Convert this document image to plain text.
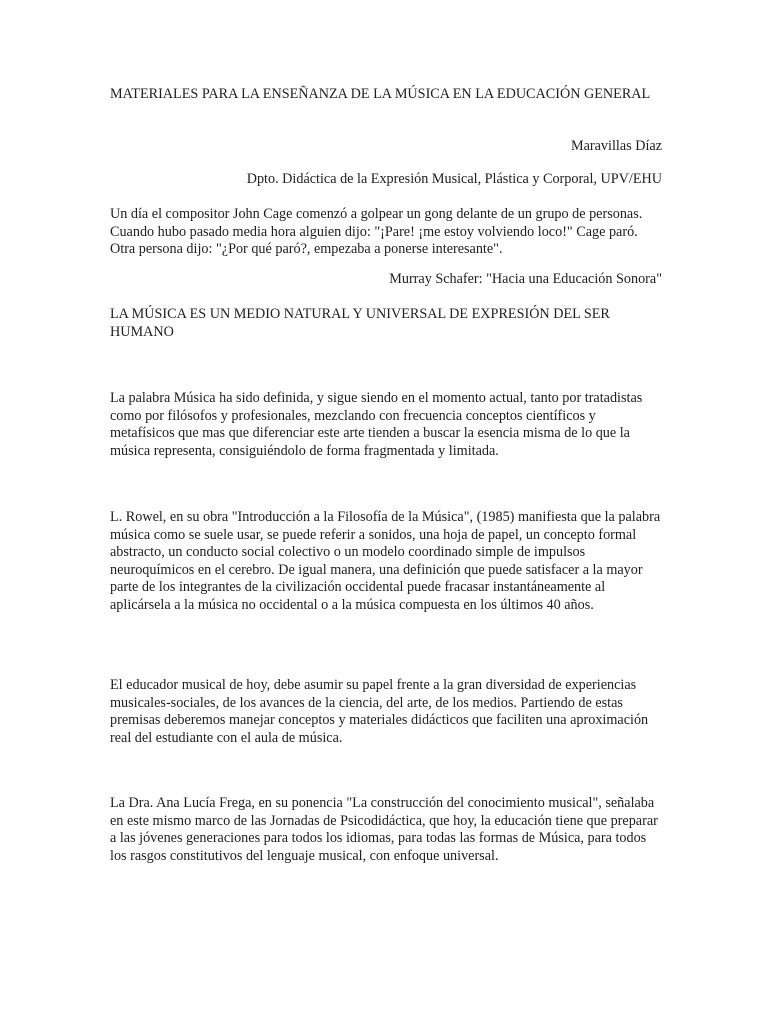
MATERIALES PARA LA ENSEÑANZA DE LA MÚSICA EN LA EDUCACIÓN GENERAL

Maravillas Díaz

Dpto. Didáctica de la Expresión Musical, Plástica y Corporal, UPV/EHU

Un día el compositor John Cage comenzó a golpear un gong delante de un grupo de personas. Cuando hubo pasado media hora alguien dijo: "¡Pare! ¡me estoy volviendo loco!" Cage paró. Otra persona dijo: "¿Por qué paró?, empezaba a ponerse interesante".

Murray Schafer: "Hacia una Educación Sonora"

LA MÚSICA ES UN MEDIO NATURAL Y UNIVERSAL DE EXPRESIÓN DEL SER HUMANO

La palabra Música ha sido definida, y sigue siendo en el momento actual, tanto por tratadistas como por filósofos y profesionales, mezclando con frecuencia conceptos científicos y metafísicos que mas que diferenciar este arte tienden a buscar la esencia misma de lo que la música representa, consiguiéndolo de forma fragmentada y limitada.

L. Rowel, en su obra "Introducción a la Filosofía de la Música", (1985) manifiesta que la palabra música como se suele usar, se puede referir a sonidos, una hoja de papel, un concepto formal abstracto, un conducto social colectivo o un modelo coordinado simple de impulsos neuroquímicos en el cerebro. De igual manera, una definición que puede satisfacer a la mayor parte de los integrantes de la civilización occidental puede fracasar instantáneamente al aplicársela a la música no occidental o a la música compuesta en los últimos 40 años.

El educador musical de hoy, debe asumir su papel frente a la gran diversidad de experiencias musicales-sociales, de los avances de la ciencia, del arte, de los medios. Partiendo de estas premisas deberemos manejar conceptos y materiales didácticos que faciliten una aproximación real del estudiante con el aula de música.

La Dra. Ana Lucía Frega, en su ponencia "La construcción del conocimiento musical", señalaba en este mismo marco de las Jornadas de Psicodidáctica, que hoy, la educación tiene que preparar a las jóvenes generaciones para todos los idiomas, para todas las formas de Música, para todos los rasgos constitutivos del lenguaje musical, con enfoque universal.
